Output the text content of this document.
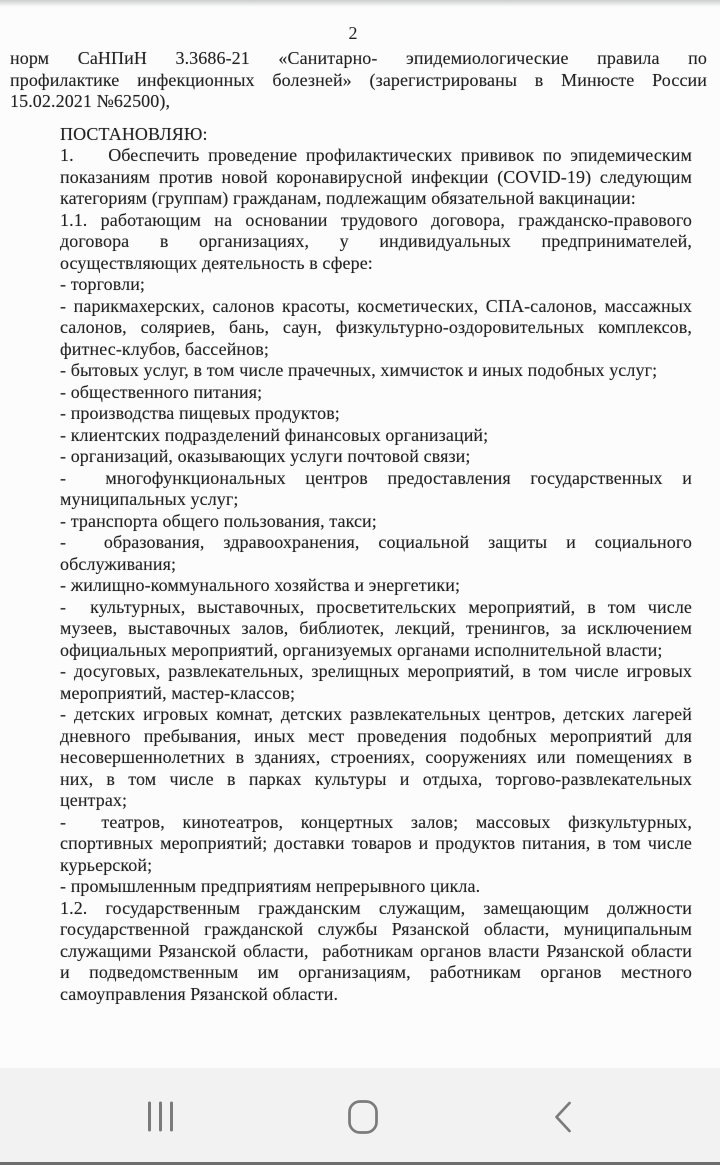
2
норм СаНПиН 3.3686-21 «Санитарно- эпидемиологические правила по
профилактике инфекционных болезней» (зарегистрированы в Минюсте России
15.02.2021 №62500),
ПОСТАНОВЛЯЮ:
1.    Обеспечить проведение профилактических прививок по эпидемическим
показаниям против новой коронавирусной инфекции (COVID-19) следующим
категориям (группам) гражданам, подлежащим обязательной вакцинации:
1.1. работающим на основании трудового договора, гражданско-правового
договора в организациях, у индивидуальных предпринимателей,
осуществляющих деятельность в сфере:
- торговли;
- парикмахерских, салонов красоты, косметических, СПА-салонов, массажных
салонов, соляриев, бань, саун, физкультурно-оздоровительных комплексов,
фитнес-клубов, бассейнов;
- бытовых услуг, в том числе прачечных, химчисток и иных подобных услуг;
- общественного питания;
- производства пищевых продуктов;
- клиентских подразделений финансовых организаций;
- организаций, оказывающих услуги почтовой связи;
-  многофункциональных центров предоставления государственных и
муниципальных услуг;
- транспорта общего пользования, такси;
-  образования, здравоохранения, социальной защиты и социального
обслуживания;
- жилищно-коммунального хозяйства и энергетики;
-  культурных, выставочных, просветительских мероприятий, в том числе
музеев, выставочных залов, библиотек, лекций, тренингов, за исключением
официальных мероприятий, организуемых органами исполнительной власти;
- досуговых, развлекательных, зрелищных мероприятий, в том числе игровых
мероприятий, мастер-классов;
- детских игровых комнат, детских развлекательных центров, детских лагерей
дневного пребывания, иных мест проведения подобных мероприятий для
несовершеннолетних в зданиях, строениях, сооружениях или помещениях в
них, в том числе в парках культуры и отдыха, торгово-развлекательных
центрах;
-  театров, кинотеатров, концертных залов; массовых физкультурных,
спортивных мероприятий; доставки товаров и продуктов питания, в том числе
курьерской;
- промышленным предприятиям непрерывного цикла.
1.2. государственным гражданским служащим, замещающим должности
государственной гражданской службы Рязанской области, муниципальным
служащими Рязанской области,  работникам органов власти Рязанской области
и подведомственным им организациям, работникам органов местного
самоуправления Рязанской области.
